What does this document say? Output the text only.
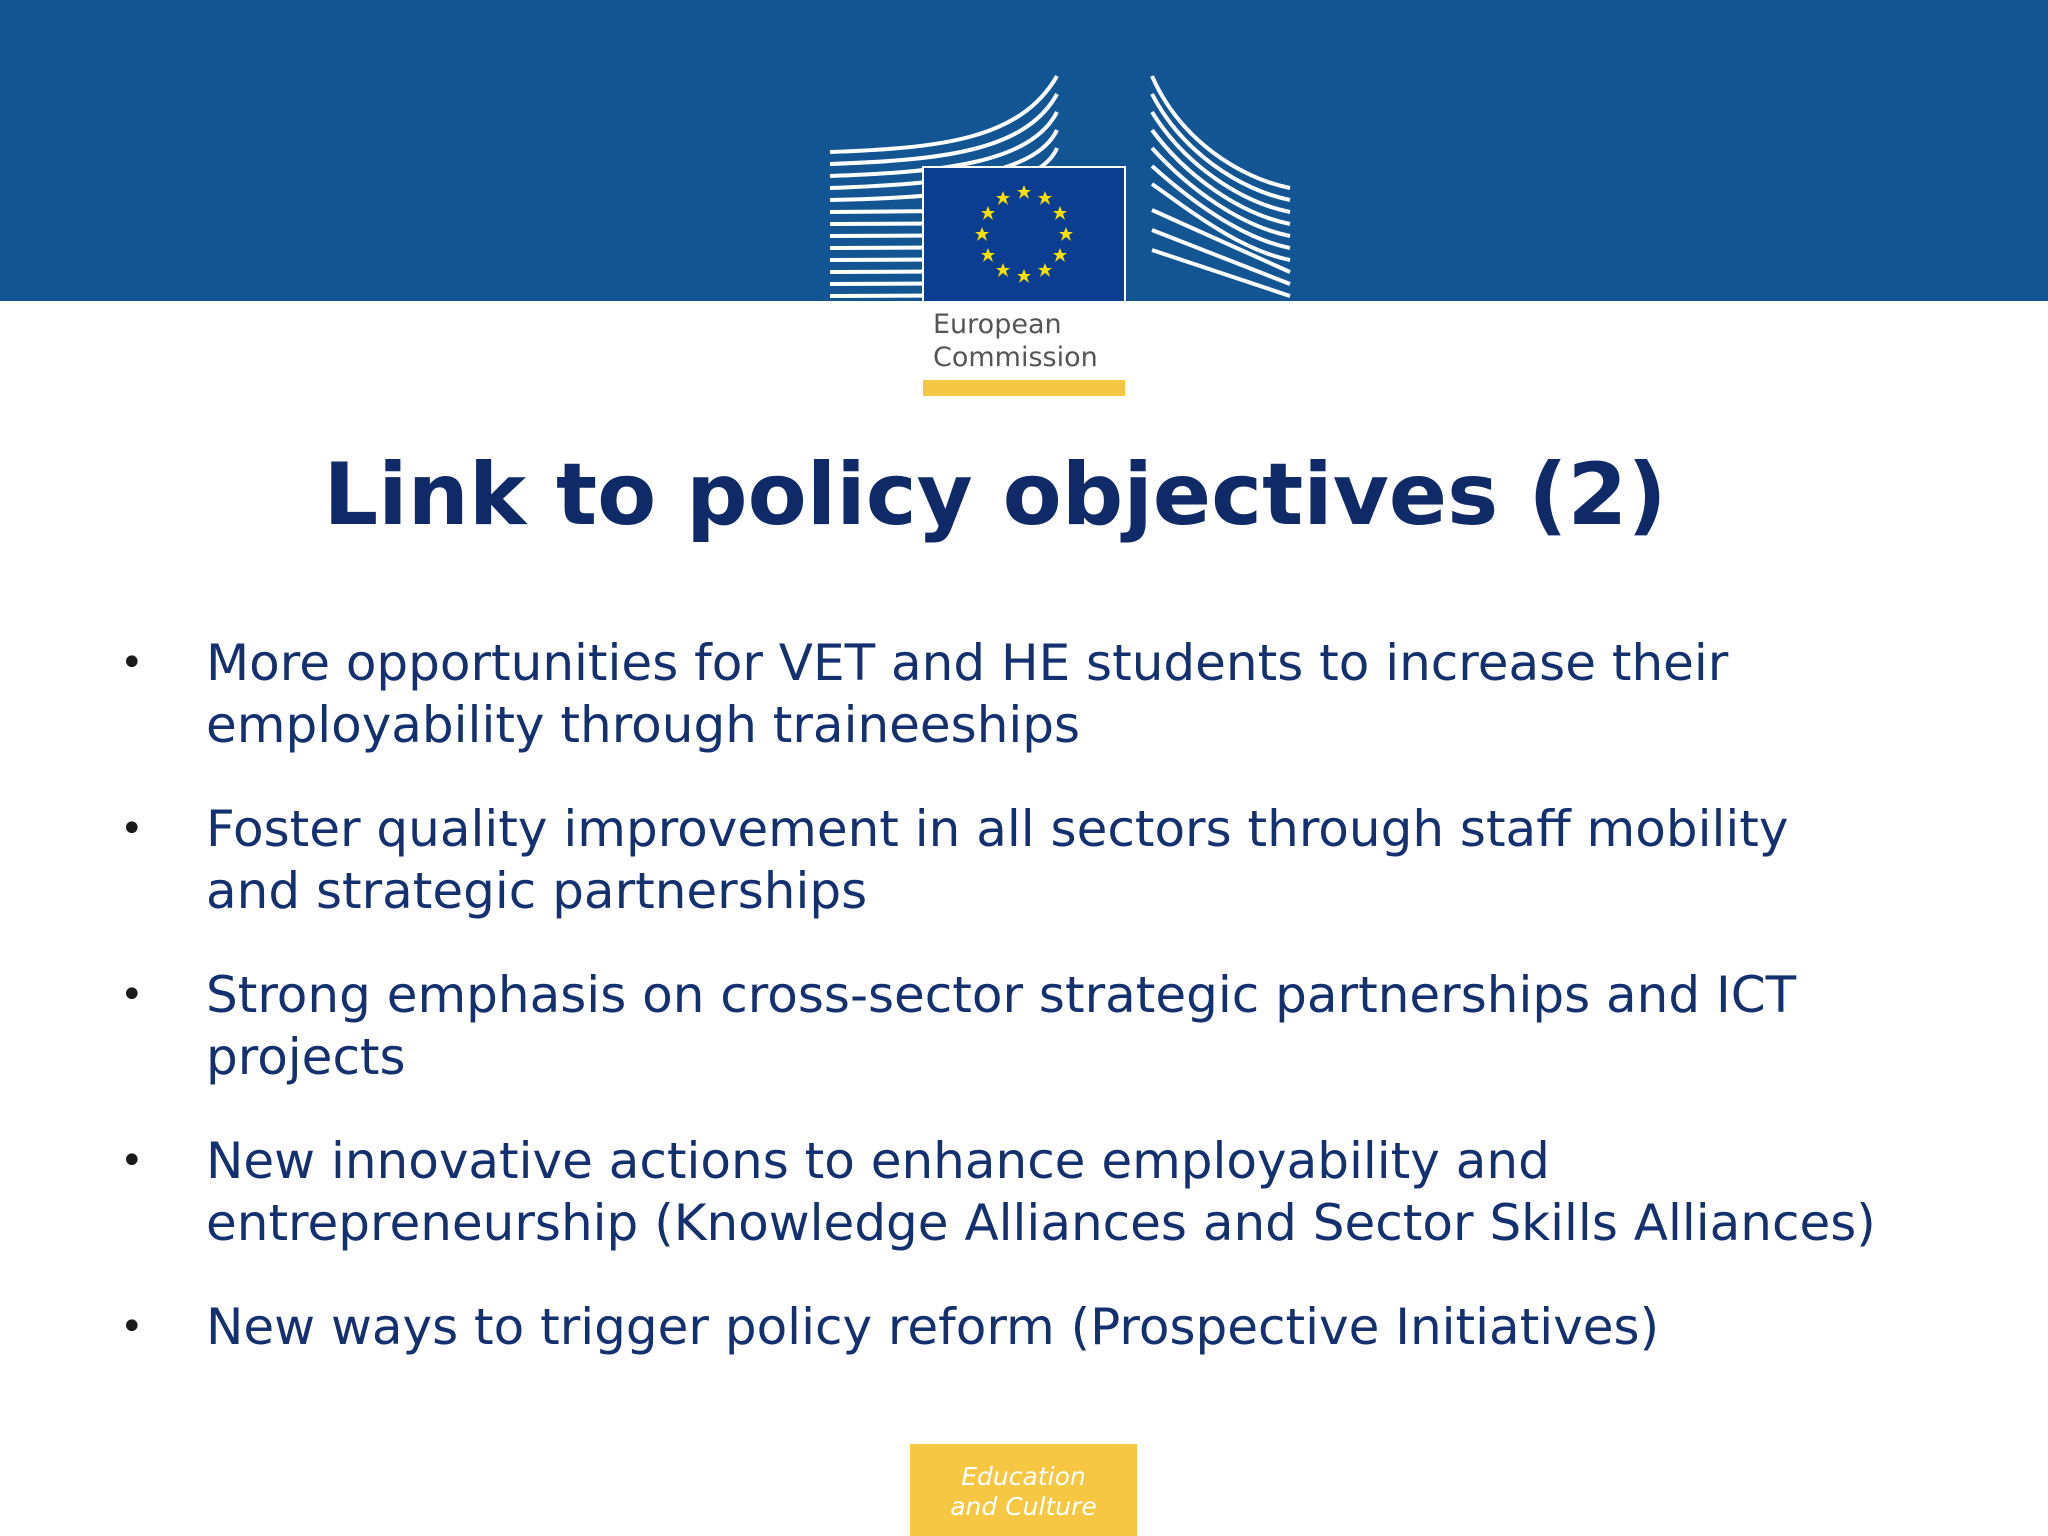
European
Commission
Link to policy objectives (2)
• More opportunities for VET and HE students to increase their
employability through traineeships
• Foster quality improvement in all sectors through staff mobility
and strategic partnerships
• Strong emphasis on cross-sector strategic partnerships and ICT
projects
• New innovative actions to enhance employability and
entrepreneurship (Knowledge Alliances and Sector Skills Alliances)
• New ways to trigger policy reform (Prospective Initiatives)
Education
and Culture
